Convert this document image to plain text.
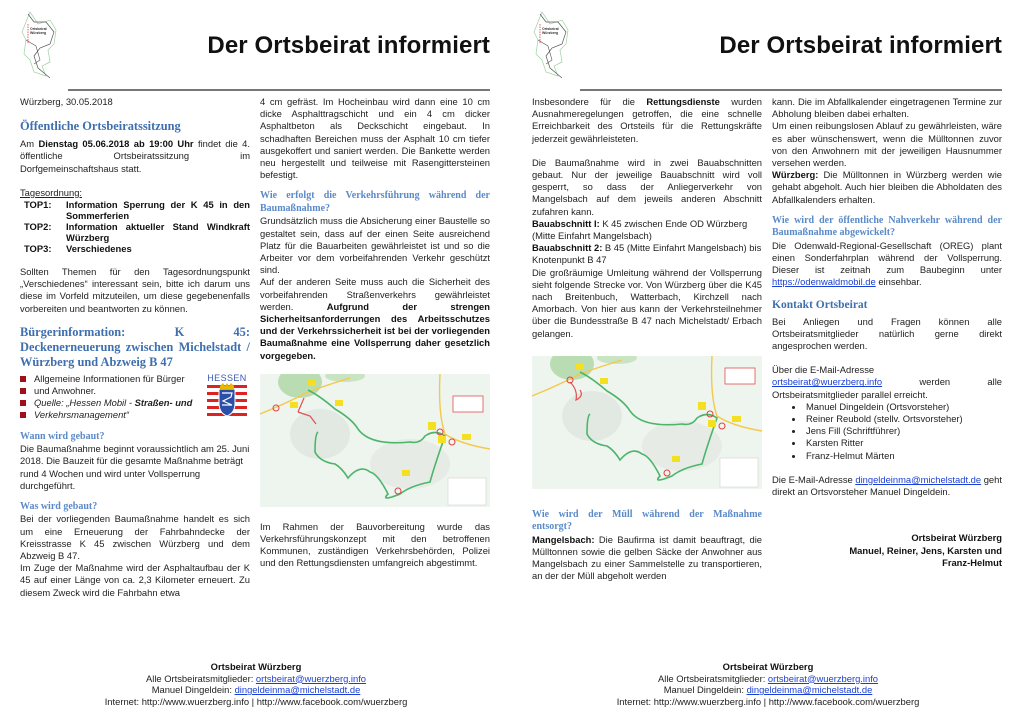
Ortsbeirat
Würzberg	Der Ortsbeirat informiert

Würzberg, 30.05.2018

Öffentliche Ortsbeiratssitzung

Am Dienstag 05.06.2018 ab 19:00 Uhr findet die 4. öffentliche Ortsbeiratssitzung im Dorfgemeinschaftshaus statt.

Tagesordnung:

TOP1:	Information Sperrung der K 45 in den Sommerferien
TOP2:	Information aktueller Stand Windkraft Würzberg
TOP3:	Verschiedenes

Sollten Themen für den Tagesordnungspunkt „Verschiedenes“ interessant sein, bitte ich darum uns diese im Vorfeld mitzuteilen, um diese gegebenenfalls vorbereiten und beantworten zu können.

Bürgerinformation: K 45: Deckenerneuerung zwischen Michelstadt / Würzberg und Abzweig B 47

Allgemeine Informationen für Bürger
und Anwohner.
Quelle: „Hessen Mobil - Straßen- und
Verkehrsmanagement“
HESSEN

Wann wird gebaut?

Die Baumaßnahme beginnt voraussichtlich am 25. Juni 2018. Die Bauzeit für die gesamte Maßnahme beträgt rund 4 Wochen und wird unter Vollsperrung durchgeführt.

Was wird gebaut?

Bei der vorliegenden Baumaßnahme handelt es sich um eine Erneuerung der Fahrbahndecke der Kreisstrasse K 45 zwischen Würzberg und dem Abzweig B 47.

Im Zuge der Maßnahme wird der Asphaltaufbau der K 45 auf einer Länge von ca. 2,3 Kilometer erneuert. Zu diesem Zweck wird die Fahrbahn etwa

4 cm gefräst. Im Hocheinbau wird dann eine 10 cm dicke Asphalttragschicht und ein 4 cm dicker Asphaltbeton als Deckschicht eingebaut. In schadhaften Bereichen muss der Asphalt 10 cm tiefer ausgekoffert und saniert werden. Die Bankette werden neu hergestellt und teilweise mit Rasengittersteinen befestigt.

Wie erfolgt die Verkehrsführung während der Baumaßnahme?

Grundsätzlich muss die Absicherung einer Baustelle so gestaltet sein, dass auf der einen Seite ausreichend Platz für die Bauarbeiten gewährleistet ist und so die Arbeiter vor dem vorbeifahrenden Verkehr geschützt sind.

Auf der anderen Seite muss auch die Sicherheit des vorbeifahrenden Straßenverkehrs gewährleistet werden. Aufgrund der strengen Sicherheitsanforderrungen des Arbeitsschutzes und der Verkehrssicherheit ist bei der vorliegenden Baumaßnahme eine Vollsperrung daher gesetzlich vorgegeben.

Im Rahmen der Bauvorbereitung wurde das Verkehrsführungskonzept mit den betroffenen Kommunen, zuständigen Verkehrsbehörden, Polizei und den Rettungsdiensten umfangreich abgestimmt.

Ortsbeirat Würzberg
Alle Ortsbeiratsmitglieder: ortsbeirat@wuerzberg.info
Manuel Dingeldein: dingeldeinma@michelstadt.de
Internet: http://www.wuerzberg.info | http://www.facebook.com/wuerzberg
Ortsbeirat
Würzberg	Der Ortsbeirat informiert

Insbesondere für die Rettungsdienste wurden Ausnahmeregelungen getroffen, die eine schnelle Erreichbarkeit des Ortsteils für die Rettungskräfte jederzeit gewährleisteten.

Die Baumaßnahme wird in zwei Bauabschnitten gebaut. Nur der jeweilige Bauabschnitt wird voll gesperrt, so dass der Anliegerverkehr von Mangelsbach auf dem jeweils anderen Abschnitt zufahren kann.

Bauabschnitt I: K 45 zwischen Ende OD Würzberg (Mitte Einfahrt Mangelsbach)

Bauabschnitt 2: B 45 (Mitte Einfahrt Mangelsbach) bis Knotenpunkt B 47

Die großräumige Umleitung während der Vollsperrung sieht folgende Strecke vor. Von Würzberg über die K45 nach Breitenbuch, Watterbach, Kirchzell nach Amorbach. Von hier aus kann der Verkehrsteilnehmer über die Bundesstraße B 47 nach Michelstadt/ Erbach gelangen.

Wie wird der Müll während der Maßnahme entsorgt?

Mangelsbach: Die Baufirma ist damit beauftragt, die Mülltonnen sowie die gelben Säcke der Anwohner aus Mangelsbach zu einer Sammelstelle zu transportieren, an der der Müll abgeholt werden

kann. Die im Abfallkalender eingetragenen Termine zur Abholung bleiben dabei erhalten.

Um einen reibungslosen Ablauf zu gewährleisten, wäre es aber wünschenswert, wenn die Mülltonnen zuvor von den Anwohnern mit der jeweiligen Hausnummer versehen werden.

Würzberg: Die Mülltonnen in Würzberg werden wie gehabt abgeholt. Auch hier bleiben die Abholdaten des Abfallkalenders erhalten.

Wie wird der öffentliche Nahverkehr während der Baumaßnahme abgewickelt?

Die Odenwald-Regional-Gesellschaft (OREG) plant einen Sonderfahrplan während der Vollsperrung. Dieser ist zeitnah zum Baubeginn unter https://odenwaldmobil.de einsehbar.

Kontakt Ortsbeirat

Bei Anliegen und Fragen können alle Ortsbeiratsmitglieder natürlich gerne direkt angesprochen werden.

Über die E-Mail-Adresse

ortsbeirat@wuerzberg.info werden alle Ortsbeiratsmitglieder parallel erreicht.

Manuel Dingeldein (Ortsvorsteher)
Reiner Reubold (stellv. Ortsvorsteher)
Jens Fill (Schriftführer)
Karsten Ritter
Franz-Helmut Märten

Die E-Mail-Adresse dingeldeinma@michelstadt.de geht direkt an Ortsvorsteher Manuel Dingeldein.

Ortsbeirat Würzberg
Manuel, Reiner, Jens, Karsten und
Franz-Helmut
Ortsbeirat Würzberg
Alle Ortsbeiratsmitglieder: ortsbeirat@wuerzberg.info
Manuel Dingeldein: dingeldeinma@michelstadt.de
Internet: http://www.wuerzberg.info | http://www.facebook.com/wuerzberg
